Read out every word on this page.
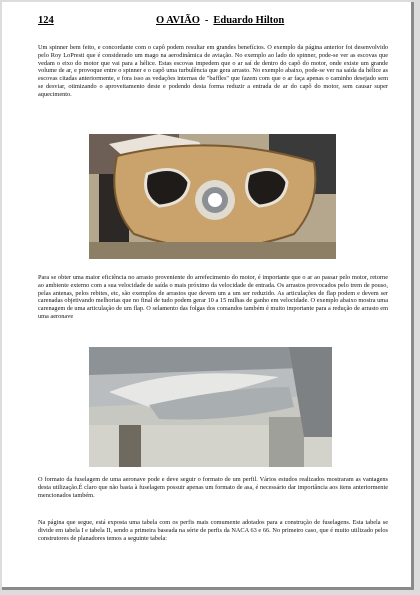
124	O AVIÃO - Eduardo Hilton

Um spinner bem feito, e concordante com o capô podem resultar em grandes benefícios. O exemplo da página anterior foi desenvolvido pelo Roy LoPresti que é considerado um mago na aerodinâmica de aviação. No exemplo ao lado do spinner, pode-se ver as escovas que vedam o eixo do motor que vai para a hélice. Estas escovas impedem que o ar saí de dentro do capô do motor, onde existe um grande volume de ar, e provoque entre o spinner e o capô uma turbulência que gera arrasto. No exemplo abaixo, pode-se ver na saída da hélice as escovas citadas anteriormente, e fora isso as vedações internas de "baffles" que fazem com que o ar faça apenas o caminho desejado sem se desviar, otimizando o aproveitamento deste e podendo desta forma reduzir a entrada de ar do capô do motor, sem causar super aquecimento.

Para se obter uma maior eficiência no arrasto proveniente do arrefecimento do motor, é importante que o ar ao passar pelo motor, retorne ao ambiente externo com a sua velocidade de saída o mais próximo da velocidade de entrada. Os arrastos provocados pelo trem de pouso, pelas antenas, pelos rebites, etc, são exemplos de arrastos que devem um a um ser reduzido. As articulações de flap podem e devem ser carenadas objetivando melhorias que no final de tudo podem gerar 10 a 15 milhas de ganho em velocidade. O exemplo abaixo mostra uma carenagem de uma articulação de um flap. O selamento das folgas dos comandos também é muito importante para a redução de arrasto em uma aeronave

O formato da fuselagem de uma aeronave pode e deve seguir o formato de um perfil. Vários estudos realizados mostraram as vantagens desta utilização.É claro que não basta à fuselagem possuir apenas um formato de asa, é necessário dar importância aos itens anteriormente mencionados também.

Na página que segue, está exposta uma tabela com os perfis mais comumente adotados para a construção de fuselagens. Esta tabela se divide em tabela I e tabela II, sendo a primeira baseada na série de perfis da NACA 63 e 66. No primeiro caso, que é muito utilizado pelos construtores de planadores temos a seguinte tabela:
